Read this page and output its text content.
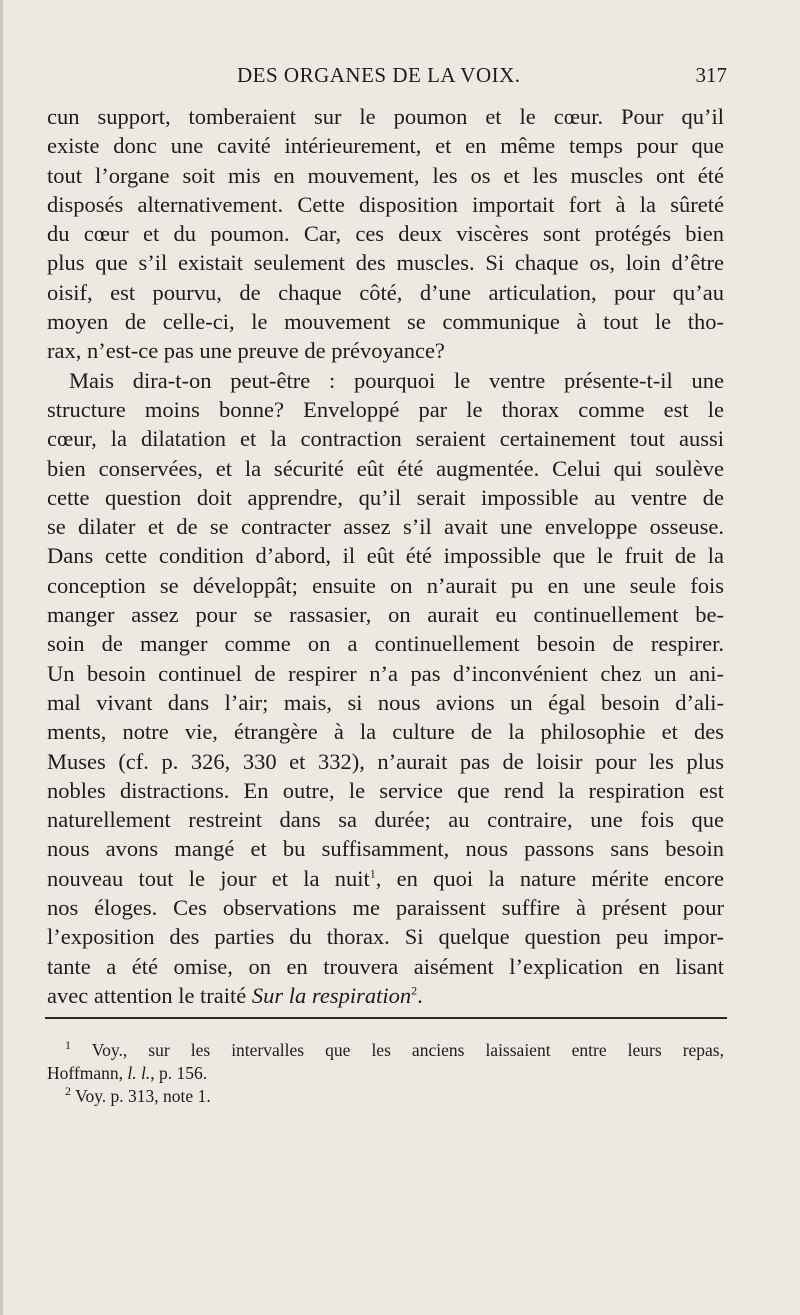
DES ORGANES DE LA VOIX.	317
cun support, tomberaient sur le poumon et le cœur. Pour qu’il
existe donc une cavité intérieurement, et en même temps pour que
tout l’organe soit mis en mouvement, les os et les muscles ont été
disposés alternativement. Cette disposition importait fort à la sûreté
du cœur et du poumon. Car, ces deux viscères sont protégés bien
plus que s’il existait seulement des muscles. Si chaque os, loin d’être
oisif, est pourvu, de chaque côté, d’une articulation, pour qu’au
moyen de celle-ci, le mouvement se communique à tout le tho-
rax, n’est-ce pas une preuve de prévoyance?
Mais dira-t-on peut-être : pourquoi le ventre présente-t-il une
structure moins bonne? Enveloppé par le thorax comme est le
cœur, la dilatation et la contraction seraient certainement tout aussi
bien conservées, et la sécurité eût été augmentée. Celui qui soulève
cette question doit apprendre, qu’il serait impossible au ventre de
se dilater et de se contracter assez s’il avait une enveloppe osseuse.
Dans cette condition d’abord, il eût été impossible que le fruit de la
conception se développât; ensuite on n’aurait pu en une seule fois
manger assez pour se rassasier, on aurait eu continuellement be-
soin de manger comme on a continuellement besoin de respirer.
Un besoin continuel de respirer n’a pas d’inconvénient chez un ani-
mal vivant dans l’air; mais, si nous avions un égal besoin d’ali-
ments, notre vie, étrangère à la culture de la philosophie et des
Muses (cf. p. 326, 330 et 332), n’aurait pas de loisir pour les plus
nobles distractions. En outre, le service que rend la respiration est
naturellement restreint dans sa durée; au contraire, une fois que
nous avons mangé et bu suffisamment, nous passons sans besoin
nouveau tout le jour et la nuit$^1$, en quoi la nature mérite encore
nos éloges. Ces observations me paraissent suffire à présent pour
l’exposition des parties du thorax. Si quelque question peu impor-
tante a été omise, on en trouvera aisément l’explication en lisant
avec attention le traité Sur la respiration$^2$.
$^1$ Voy., sur les intervalles que les anciens laissaient entre leurs repas,
Hoffmann, l. l., p. 156.
$^2$ Voy. p. 313, note 1.
